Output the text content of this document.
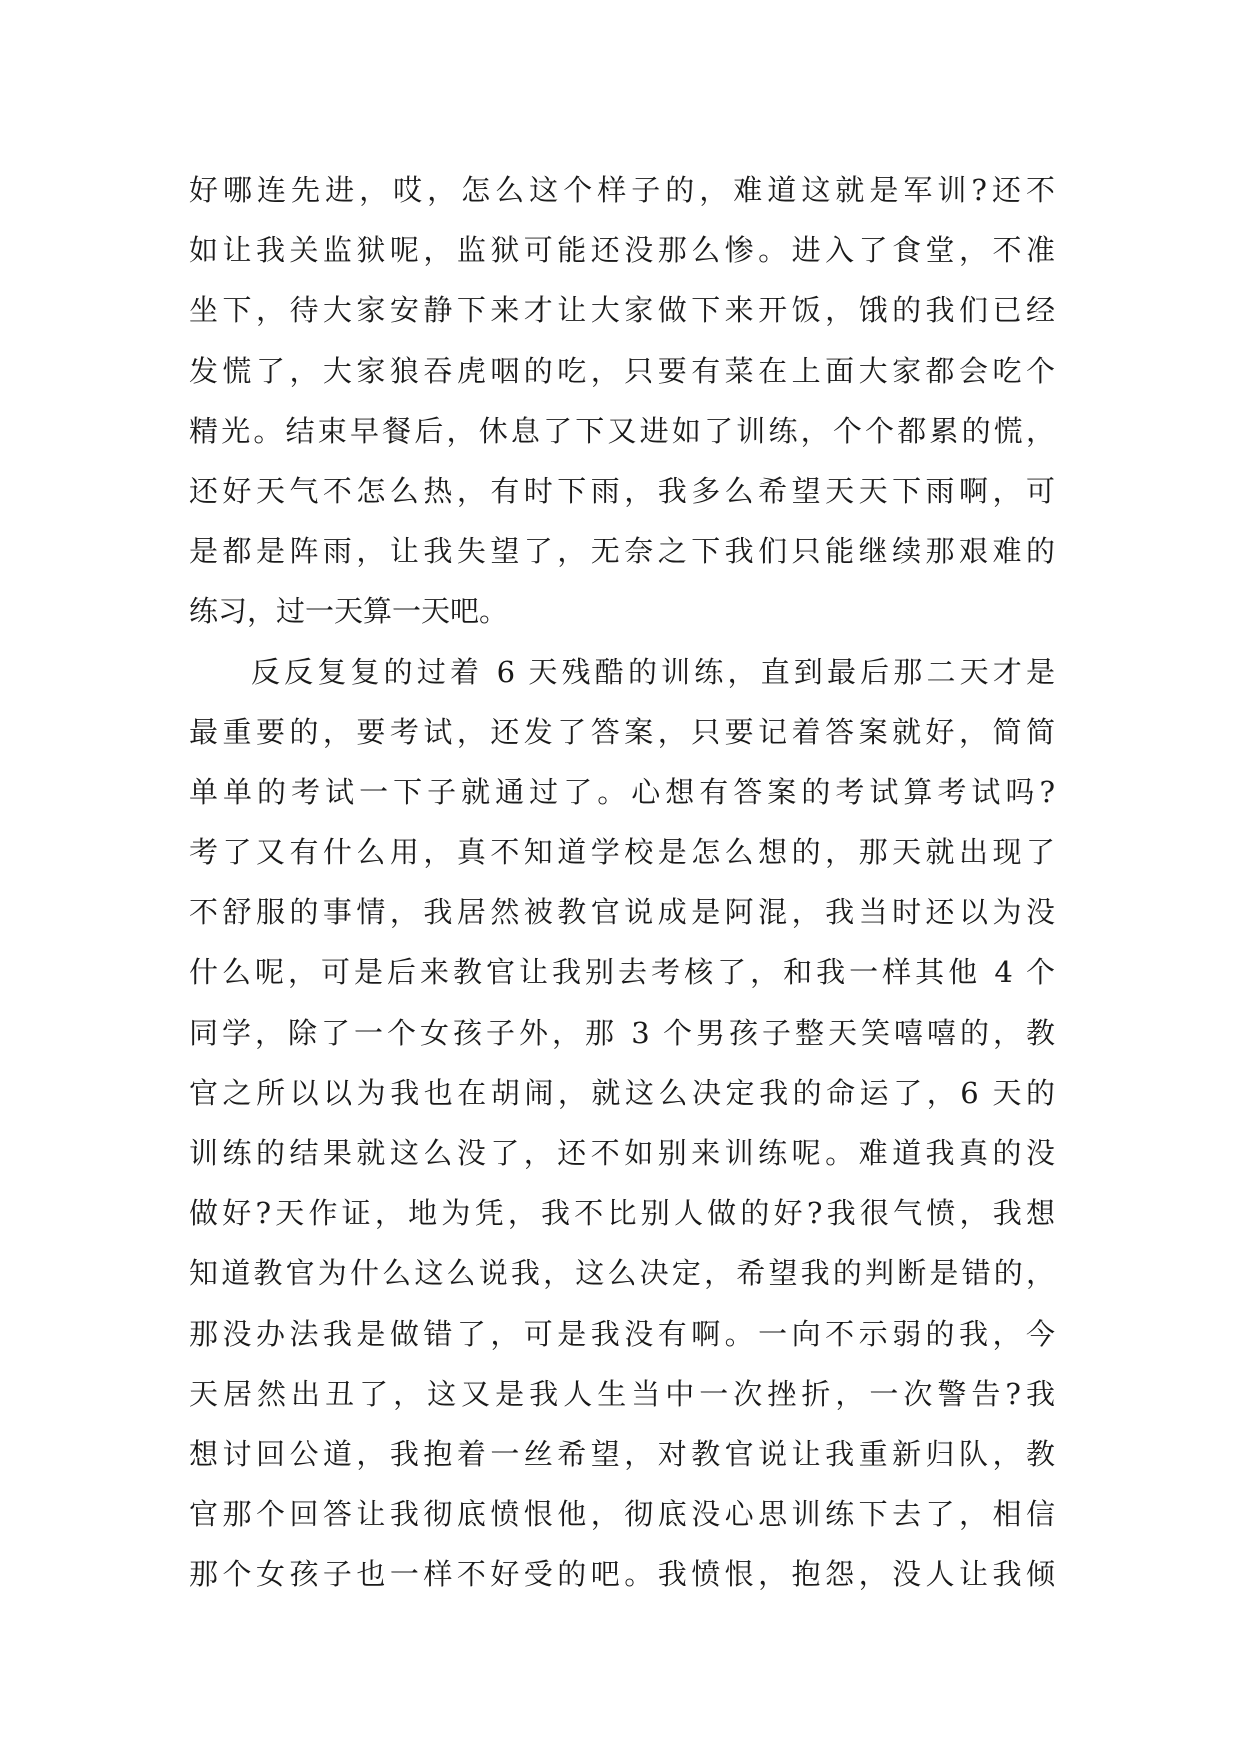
好哪连先进，哎，怎么这个样子的，难道这就是军训?还不
如让我关监狱呢，监狱可能还没那么惨。进入了食堂，不准
坐下，待大家安静下来才让大家做下来开饭，饿的我们已经
发慌了，大家狼吞虎咽的吃，只要有菜在上面大家都会吃个
精光。结束早餐后，休息了下又进如了训练，个个都累的慌，
还好天气不怎么热，有时下雨，我多么希望天天下雨啊，可
是都是阵雨，让我失望了，无奈之下我们只能继续那艰难的
练习，过一天算一天吧。
反反复复的过着 6 天残酷的训练，直到最后那二天才是
最重要的，要考试，还发了答案，只要记着答案就好，简简
单单的考试一下子就通过了。心想有答案的考试算考试吗?
考了又有什么用，真不知道学校是怎么想的，那天就出现了
不舒服的事情，我居然被教官说成是阿混，我当时还以为没
什么呢，可是后来教官让我别去考核了，和我一样其他 4 个
同学，除了一个女孩子外，那 3 个男孩子整天笑嘻嘻的，教
官之所以以为我也在胡闹，就这么决定我的命运了，6 天的
训练的结果就这么没了，还不如别来训练呢。难道我真的没
做好?天作证，地为凭，我不比别人做的好?我很气愤，我想
知道教官为什么这么说我，这么决定，希望我的判断是错的，
那没办法我是做错了，可是我没有啊。一向不示弱的我，今
天居然出丑了，这又是我人生当中一次挫折，一次警告?我
想讨回公道，我抱着一丝希望，对教官说让我重新归队，教
官那个回答让我彻底愤恨他，彻底没心思训练下去了，相信
那个女孩子也一样不好受的吧。我愤恨，抱怨，没人让我倾
